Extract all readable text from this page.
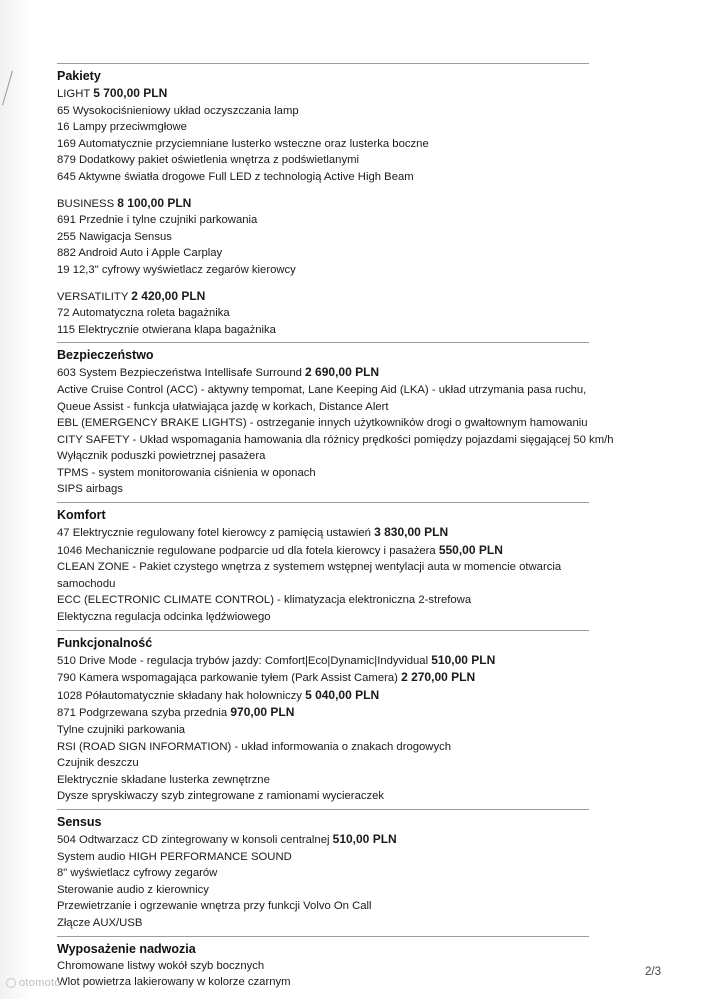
Pakiety
LIGHT 5 700,00 PLN
65 Wysokociśnieniowy układ oczyszczania lamp
16 Lampy przeciwmgłowe
169 Automatycznie przyciemniane lusterko wsteczne oraz lusterka boczne
879 Dodatkowy pakiet oświetlenia wnętrza z podświetlanymi
645 Aktywne światła drogowe Full LED z technologią Active High Beam
BUSINESS 8 100,00 PLN
691 Przednie i tylne czujniki parkowania
255 Nawigacja Sensus
882 Android Auto i Apple Carplay
19 12,3" cyfrowy wyświetlacz zegarów kierowcy
VERSATILITY 2 420,00 PLN
72 Automatyczna roleta bagażnika
115 Elektrycznie otwierana klapa bagażnika
Bezpieczeństwo
603 System Bezpieczeństwa Intellisafe Surround 2 690,00 PLN
Active Cruise Control (ACC) - aktywny tempomat, Lane Keeping Aid (LKA) - układ utrzymania pasa ruchu,
Queue Assist - funkcja ułatwiająca jazdę w korkach, Distance Alert
EBL (EMERGENCY BRAKE LIGHTS) - ostrzeganie innych użytkowników drogi o gwałtownym hamowaniu
CITY SAFETY - Układ wspomagania hamowania dla różnicy prędkości pomiędzy pojazdami sięgającej 50 km/h
Wyłącznik poduszki powietrznej pasażera
TPMS - system monitorowania ciśnienia w oponach
SIPS airbags
Komfort
47 Elektrycznie regulowany fotel kierowcy z pamięcią ustawień 3 830,00 PLN
1046 Mechanicznie regulowane podparcie ud dla fotela kierowcy i pasażera 550,00 PLN
CLEAN ZONE - Pakiet czystego wnętrza z systemem wstępnej wentylacji auta w momencie otwarcia
samochodu
ECC (ELECTRONIC CLIMATE CONTROL) - klimatyzacja elektroniczna 2-strefowa
Elektyczna regulacja odcinka lędźwiowego
Funkcjonalność
510 Drive Mode - regulacja trybów jazdy: Comfort|Eco|Dynamic|Indyvidual 510,00 PLN
790 Kamera wspomagająca parkowanie tyłem (Park Assist Camera) 2 270,00 PLN
1028 Półautomatycznie składany hak holowniczy 5 040,00 PLN
871 Podgrzewana szyba przednia 970,00 PLN
Tylne czujniki parkowania
RSI (ROAD SIGN INFORMATION) - układ informowania o znakach drogowych
Czujnik deszczu
Elektrycznie składane lusterka zewnętrzne
Dysze spryskiwaczy szyb zintegrowane z ramionami wycieraczek
Sensus
504 Odtwarzacz CD zintegrowany w konsoli centralnej 510,00 PLN
System audio HIGH PERFORMANCE SOUND
8" wyświetlacz cyfrowy zegarów
Sterowanie audio z kierownicy
Przewietrzanie i ogrzewanie wnętrza przy funkcji Volvo On Call
Złącze AUX/USB
Wyposażenie nadwozia
Chromowane listwy wokół szyb bocznych
Wlot powietrza lakierowany w kolorze czarnym
2/3
otomoto
